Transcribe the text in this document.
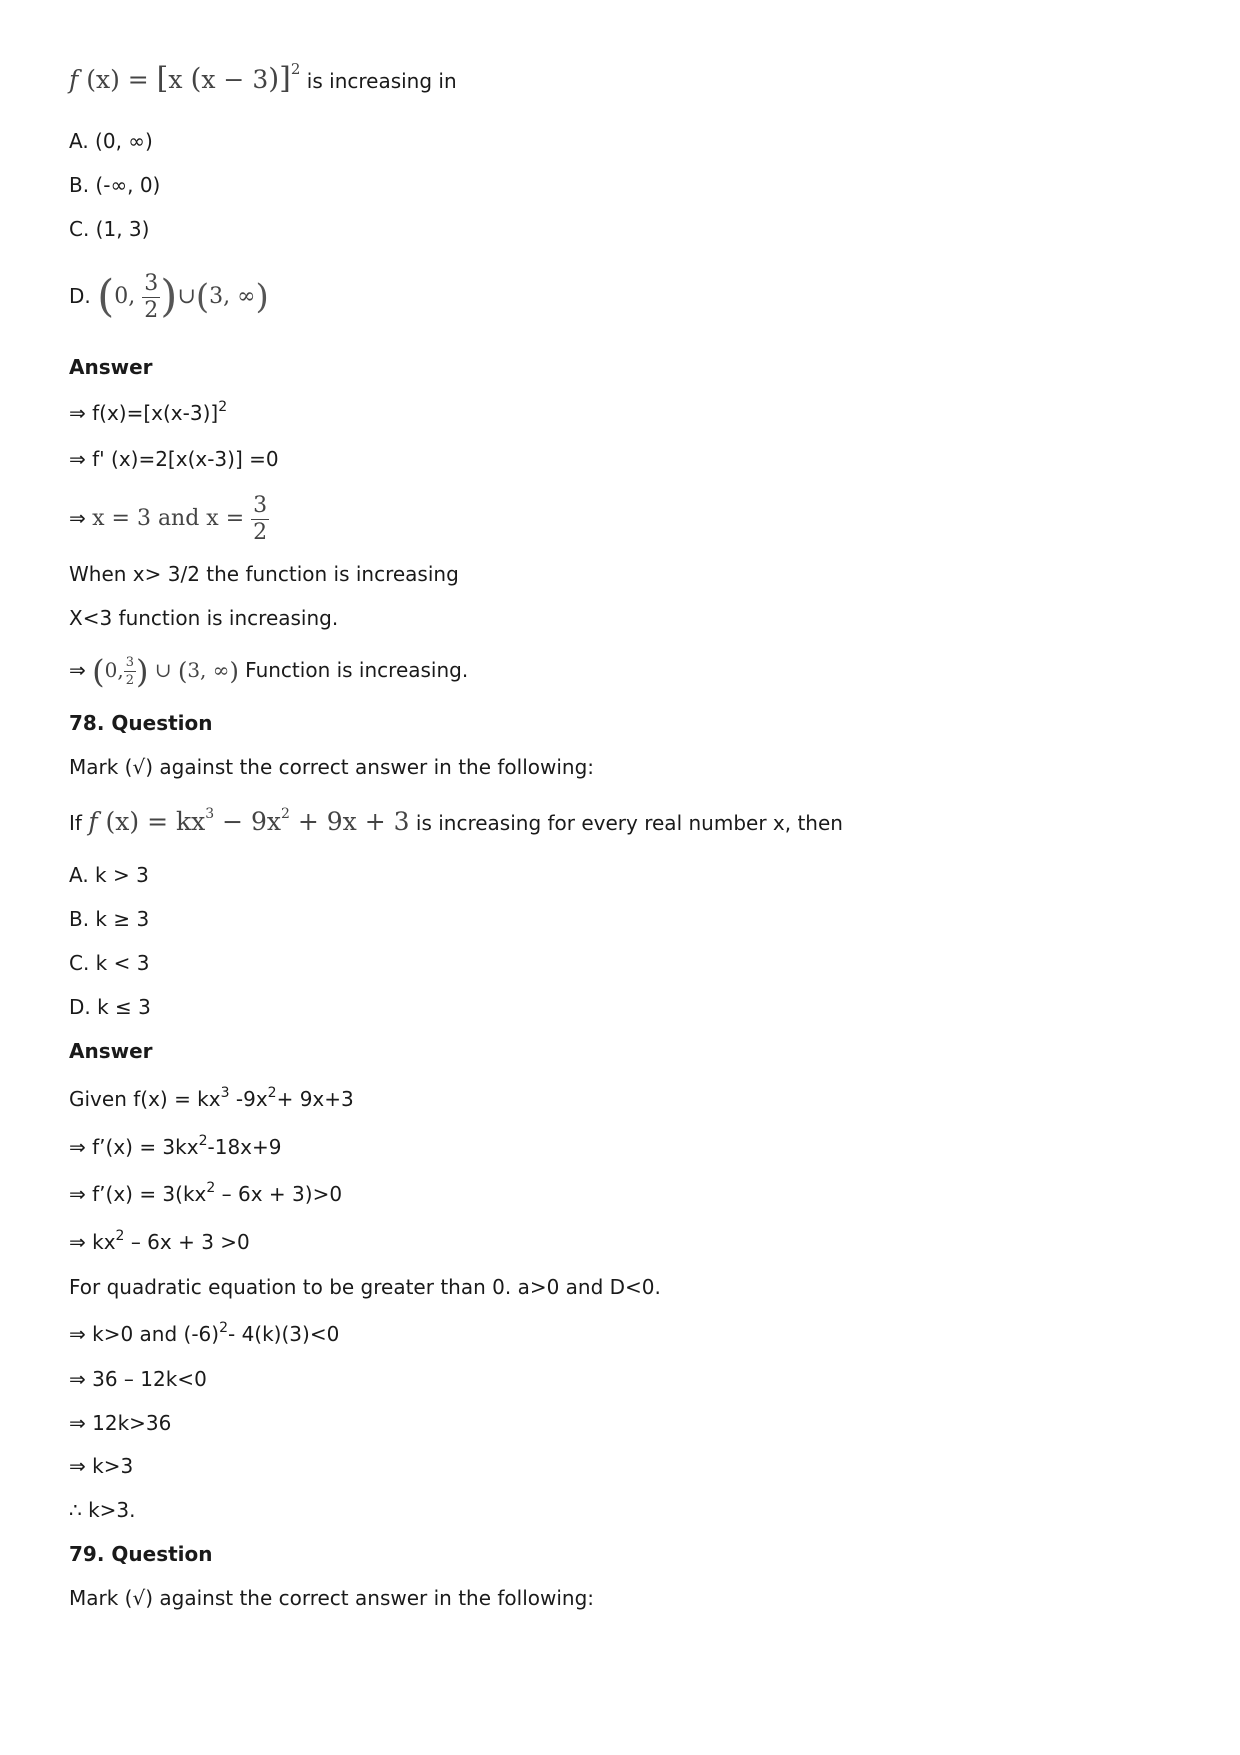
f (x) = [x (x − 3)]$^2$ is increasing in
A. (0, ∞)
B. (-∞, 0)
C. (1, 3)
D. (0, $\frac{3}{2}$ )∪(3, ∞)
Answer
⇒ $f(x)=[x(x-3)]^2$
⇒ f' (x)=2[x(x-3)] =0
⇒ x = 3 and $x = \frac{3}{2}$
When x> 3/2 the function is increasing
X<3 function is increasing.
⇒ (0, $\frac{3}{2}$ ) ∪ (3, ∞) Function is increasing.
78. Question
Mark (√) against the correct answer in the following:
If f $(x) = kx^3 - 9x^2 + 9x + 3$ is increasing for every real number x, then
A. k > 3
B. k ≥ 3
C. k < 3
D. k ≤ 3
Answer
Given $f(x) = kx^3$ $-9x^2+ 9x+3$
⇒ f’(x) = $3kx^2-18x+9$
⇒ f’(x) = $3(kx^2 - 6x + 3)>0$
⇒ $kx^2 - 6x + 3 >0$
For quadratic equation to be greater than 0. a>0 and D<0.
⇒ k>0 and $(-6)^2-$ 4(k)(3)<0
⇒ 36 – 12k<0
⇒ 12k>36
⇒ k>3
∴ k>3.
79. Question
Mark (√) against the correct answer in the following:
